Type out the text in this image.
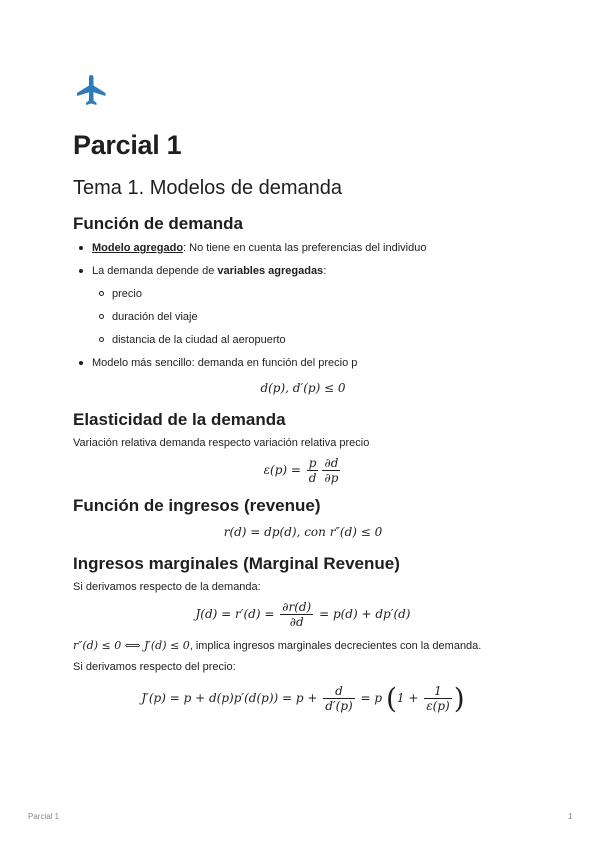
Parcial 1
Tema 1. Modelos de demanda
Función de demanda
Modelo agregado: No tiene en cuenta las preferencias del individuo
La demanda depende de variables agregadas:
precio
duración del viaje
distancia de la ciudad al aeropuerto
Modelo más sencillo: demanda en función del precio p
d(p), d′(p) ≤ 0
Elasticidad de la demanda

Variación relativa demanda respecto variación relativa precio

$\varepsilon(p) = \frac{p}{d} \frac{\partial d}{\partial p}$
Función de ingresos (revenue)
r(d) = dp(d), con r″(d) ≤ 0
Ingresos marginales (Marginal Revenue)

Si derivamos respecto de la demanda:

$J(d) = r'(d) = \frac{\partial r(d)}{\partial d} = p(d) + dp'(d)$

r″(d) ≤ 0 ⟺ J′(d) ≤ 0, implica ingresos marginales decrecientes con la demanda.

Si derivamos respecto del precio:

$J'(p) = p + d(p)p'(d(p)) = p + \frac{d}{d'(p)} = p$ ($1 + \frac{1}{\varepsilon(p)}$ )
Parcial 1	1
